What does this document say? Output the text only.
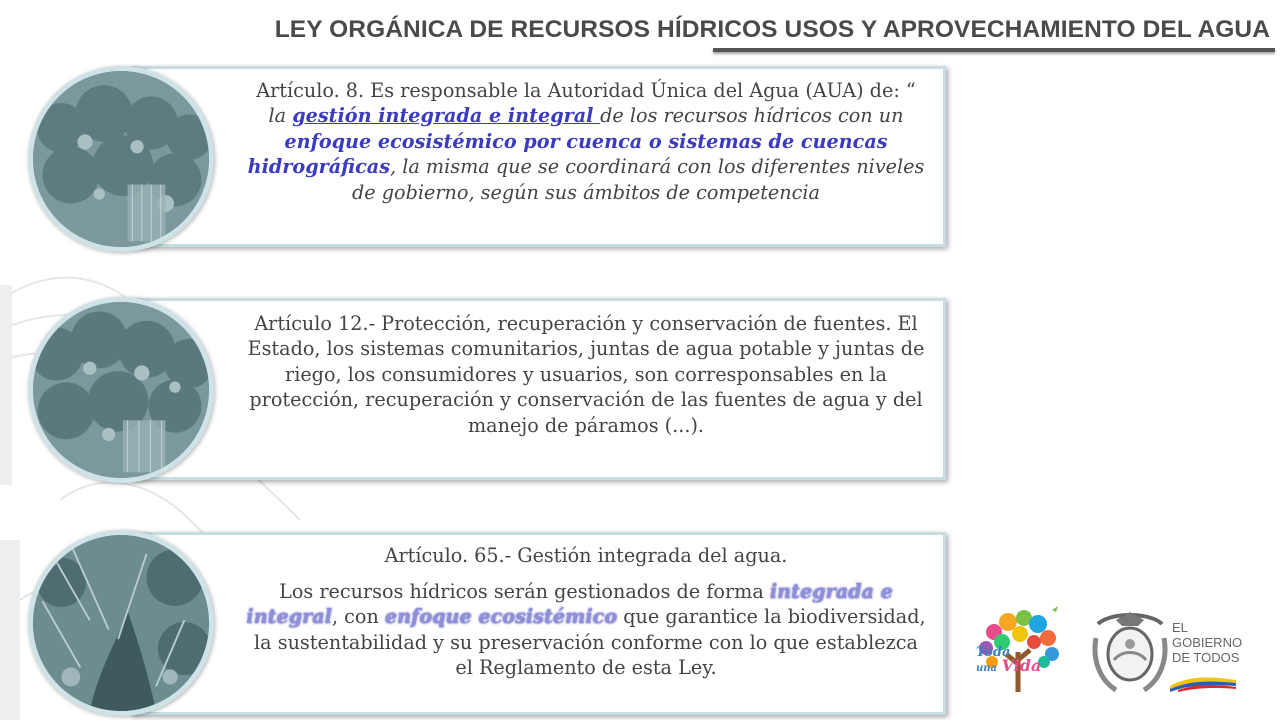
LEY ORGÁNICA DE RECURSOS HÍDRICOS USOS Y APROVECHAMIENTO DEL AGUA
Artículo. 8. Es responsable la Autoridad Única del Agua (AUA) de: “ la gestión integrada e integral de los recursos hídricos con un enfoque ecosistémico por cuenca o sistemas de cuencas hidrográficas, la misma que se coordinará con los diferentes niveles de gobierno, según sus ámbitos de competencia
Artículo 12.- Protección, recuperación y conservación de fuentes. El Estado, los sistemas comunitarios, juntas de agua potable y juntas de riego, los consumidores y usuarios, son corresponsables en la protección, recuperación y conservación de las fuentes de agua y del manejo de páramos (...).
Artículo. 65.- Gestión integrada del agua.
Los recursos hídricos serán gestionados de forma integrada e integral, con enfoque ecosistémico que garantice la biodiversidad, la sustentabilidad y su preservación conforme con lo que establezca el Reglamento de esta Ley.
Toda
una Vida
EL
GOBIERNO
DE TODOS
